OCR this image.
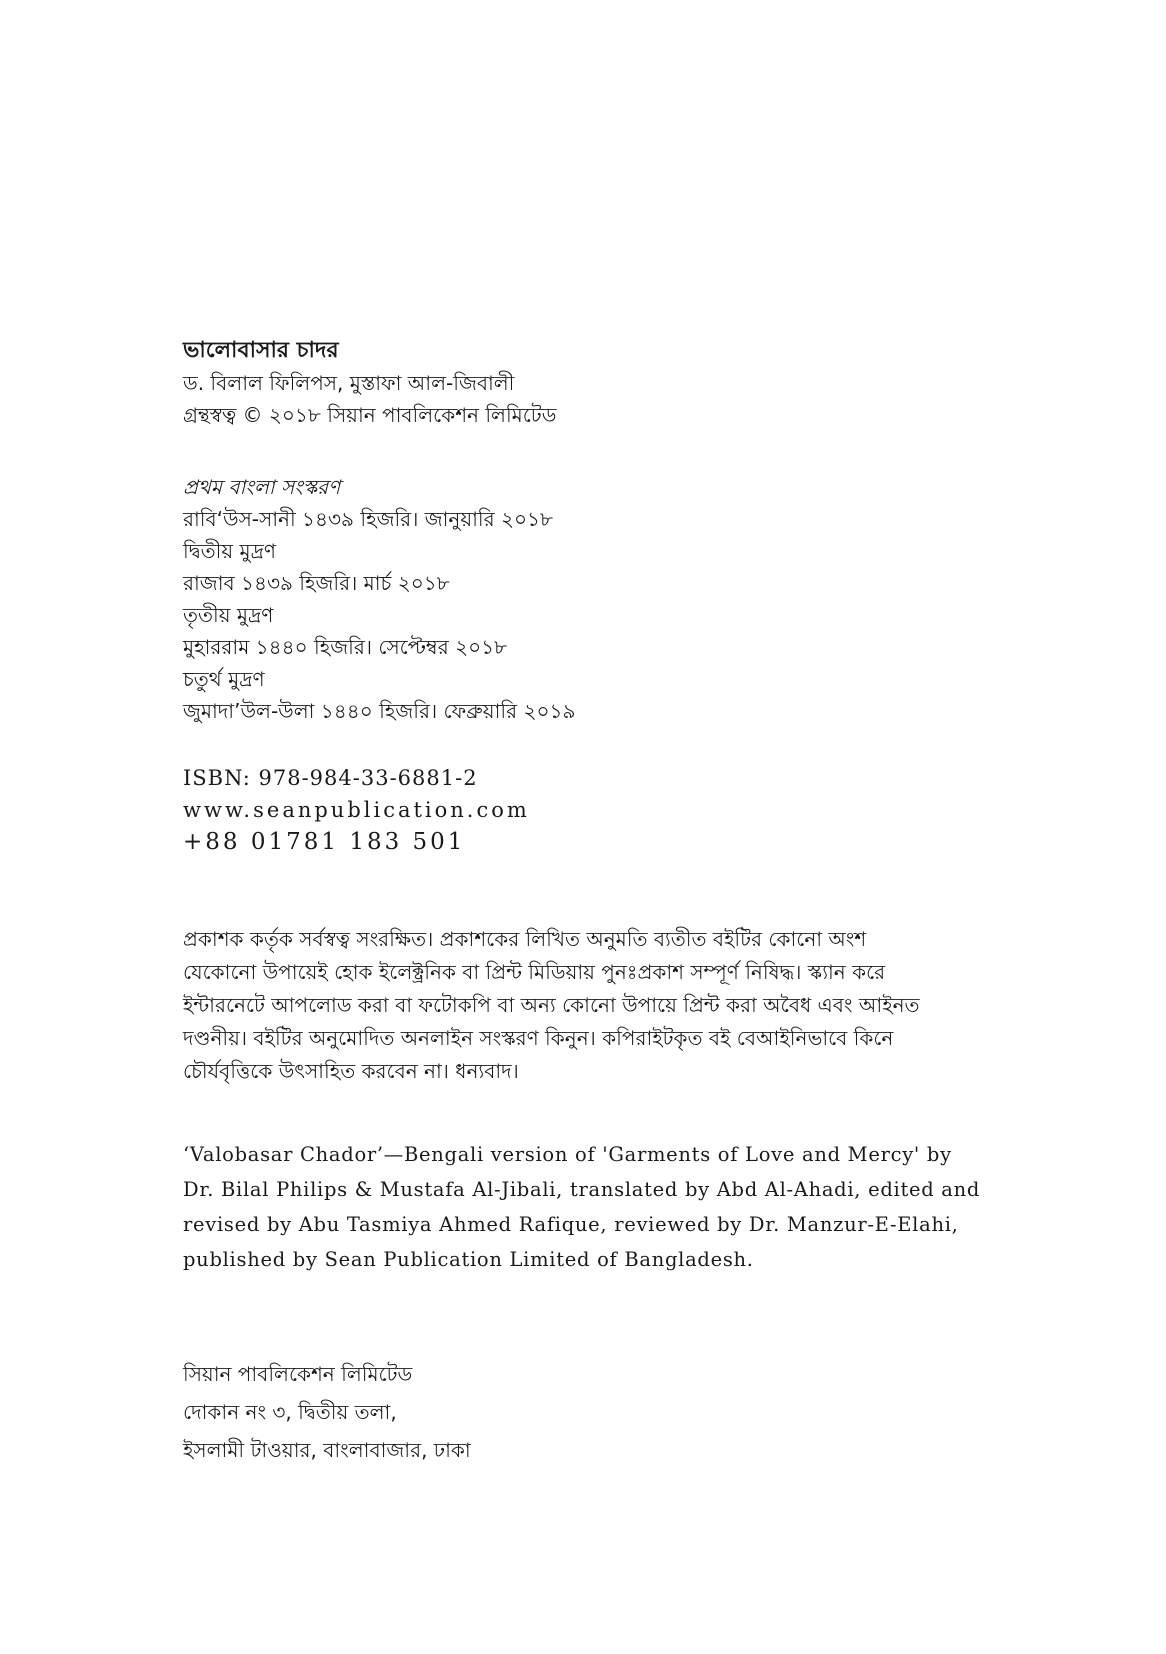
ভালোবাসার চাদর
ড. বিলাল ফিলিপস, মুস্তাফা আল-জিবালী
গ্রন্থস্বত্ব © ২০১৮ সিয়ান পাবলিকেশন লিমিটেড
প্রথম বাংলা সংস্করণ
রাবি‘উস-সানী ১৪৩৯ হিজরি। জানুয়ারি ২০১৮
দ্বিতীয় মুদ্রণ
রাজাব ১৪৩৯ হিজরি। মার্চ ২০১৮
তৃতীয় মুদ্রণ
মুহাররাম ১৪৪০ হিজরি। সেপ্টেম্বর ২০১৮
চতুর্থ মুদ্রণ
জুমাদা’উল-উলা ১৪৪০ হিজরি। ফেব্রুয়ারি ২০১৯
ISBN: 978-984-33-6881-2
www.seanpublication.com
+88 01781 183 501
প্রকাশক কর্তৃক সর্বস্বত্ব সংরক্ষিত। প্রকাশকের লিখিত অনুমতি ব্যতীত বইটির কোনো অংশ
যেকোনো উপায়েই হোক ইলেক্ট্রনিক বা প্রিন্ট মিডিয়ায় পুনঃপ্রকাশ সম্পূর্ণ নিষিদ্ধ। স্ক্যান করে
ইন্টারনেটে আপলোড করা বা ফটোকপি বা অন্য কোনো উপায়ে প্রিন্ট করা অবৈধ এবং আইনত
দণ্ডনীয়। বইটির অনুমোদিত অনলাইন সংস্করণ কিনুন। কপিরাইটকৃত বই বেআইনিভাবে কিনে
চৌর্যবৃত্তিকে উৎসাহিত করবেন না। ধন্যবাদ।
‘Valobasar Chador’—Bengali version of 'Garments of Love and Mercy' by
Dr. Bilal Philips & Mustafa Al-Jibali, translated by Abd Al-Ahadi, edited and
revised by Abu Tasmiya Ahmed Rafique, reviewed by Dr. Manzur-E-Elahi,
published by Sean Publication Limited of Bangladesh.
সিয়ান পাবলিকেশন লিমিটেড
দোকান নং ৩, দ্বিতীয় তলা,
ইসলামী টাওয়ার, বাংলাবাজার, ঢাকা
